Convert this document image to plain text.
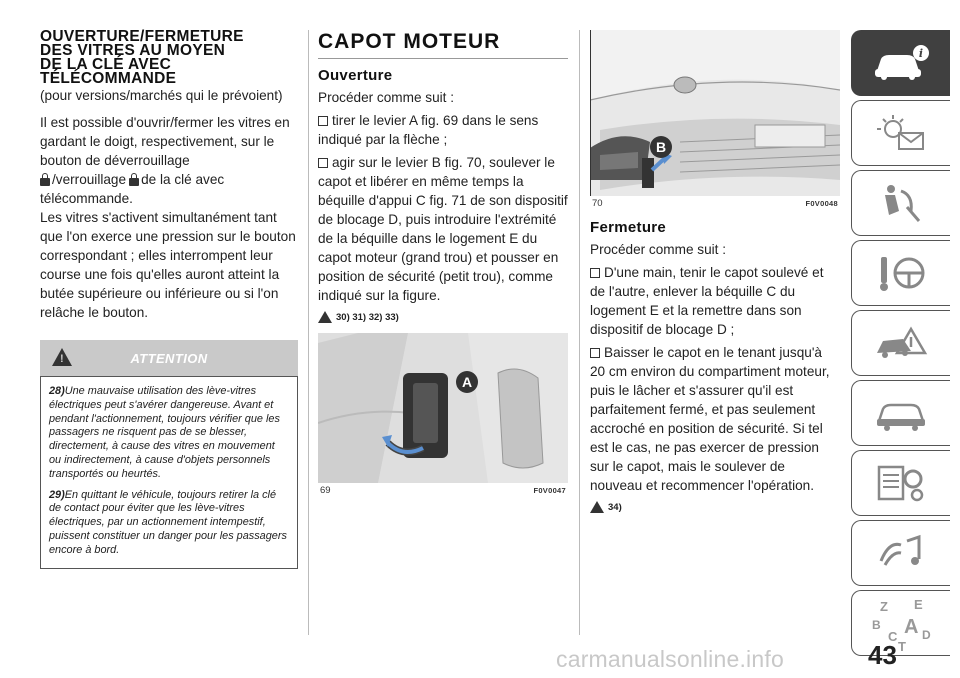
OUVERTURE/FERMETURE
DES VITRES AU MOYEN
DE LA CLÉ AVEC
TÉLÉCOMMANDE
(pour versions/marchés qui le prévoient)
Il est possible d'ouvrir/fermer les vitres en gardant le doigt, respectivement, sur le bouton de déverrouillage
/verrouillage de la clé avec télécommande.
Les vitres s'activent simultanément tant que l'on exerce une pression sur le bouton correspondant ; elles interrompent leur course une fois qu'elles auront atteint la butée supérieure ou inférieure ou si l'on relâche le bouton.
!	ATTENTION

28)Une mauvaise utilisation des lève-vitres électriques peut s'avérer dangereuse. Avant et pendant l'actionnement, toujours vérifier que les passagers ne risquent pas de se blesser, directement, à cause des vitres en mouvement ou indirectement, à cause d'objets personnels transportés ou heurtés.

29)En quittant le véhicule, toujours retirer la clé de contact pour éviter que les lève-vitres électriques, par un actionnement intempestif, puissent constituer un danger pour les passagers encore à bord.

CAPOT MOTEUR
Ouverture
Procéder comme suit :
tirer le levier A fig. 69 dans le sens indiqué par la flèche ;
agir sur le levier B fig. 70, soulever le capot et libérer en même temps la béquille d'appui C fig. 71 de son dispositif de blocage D, puis introduire l'extrémité de la béquille dans le logement E du capot moteur (grand trou) et pousser en position de sécurité (petit trou), comme indiqué sur la figure.
30) 31) 32) 33)
A
69	F0V0047
B
70	F0V0048
Fermeture
Procéder comme suit :
D'une main, tenir le capot soulevé et de l'autre, enlever la béquille C du logement E et la remettre dans son dispositif de blocage D ;
Baisser le capot en le tenant jusqu'à 20 cm environ du compartiment moteur, puis le lâcher et s'assurer qu'il est parfaitement fermé, et pas seulement accroché en position de sécurité. Si tel est le cas, ne pas exercer de pression sur le capot, mais le soulever de nouveau et recommencer l'opération.
34)
i
Z E
B A
C D
T
43
carmanualsonline.info
